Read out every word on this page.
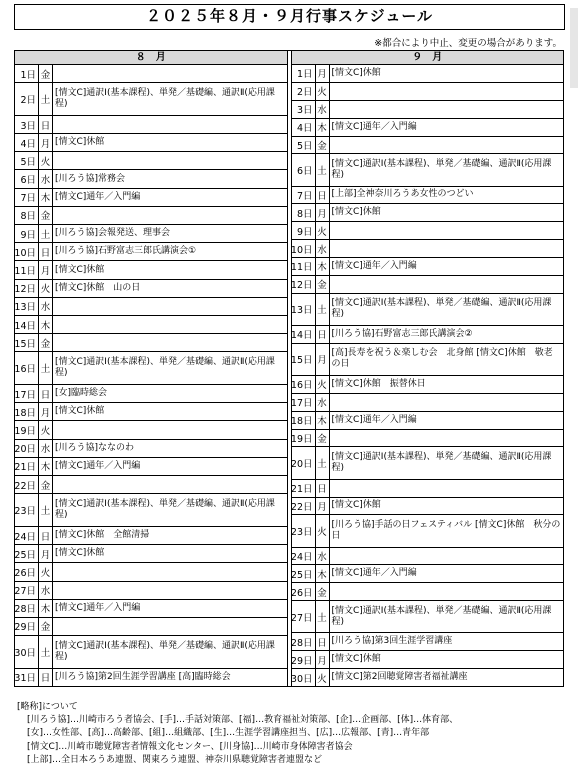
２０２５年８月・９月行事スケジュール
※都合により中止、変更の場合があります。
８　月
1日 金
2日 土
[情文C]通訳Ⅰ(基本課程)、単発／基礎編、通訳Ⅱ(応用課程)
3日 日
4日 月 [情文C]休館
5日 火
6日 水 [川ろう協]常務会
7日 木 [情文C]通年／入門編
8日 金
9日 土 [川ろう協]会報発送、理事会
10日 日 [川ろう協]石野富志三郎氏講演会①
11日 月 [情文C]休館
12日 火 [情文C]休館　山の日
13日 水
14日 木
15日 金
16日 土
[情文C]通訳Ⅰ(基本課程)、単発／基礎編、通訳Ⅱ(応用課程)
17日 日 [女]臨時総会
18日 月 [情文C]休館
19日 火
20日 水 [川ろう協]ななのわ
21日 木 [情文C]通年／入門編
22日 金
23日 土
[情文C]通訳Ⅰ(基本課程)、単発／基礎編、通訳Ⅱ(応用課程)
24日 日 [情文C]休館　全館清掃
25日 月 [情文C]休館
26日 火
27日 水
28日 木 [情文C]通年／入門編
29日 金
30日 土
[情文C]通訳Ⅰ(基本課程)、単発／基礎編、通訳Ⅱ(応用課程)
31日 日 [川ろう協]第2回生涯学習講座 [高]臨時総会
９　月
1日 月 [情文C]休館
2日 火
3日 水
4日 木 [情文C]通年／入門編
5日 金
6日 土
[情文C]通訳Ⅰ(基本課程)、単発／基礎編、通訳Ⅱ(応用課程)
7日 日 [上部]全神奈川ろうあ女性のつどい
8日 月 [情文C]休館
9日 火
10日 水
11日 木 [情文C]通年／入門編
12日 金
13日 土
[情文C]通訳Ⅰ(基本課程)、単発／基礎編、通訳Ⅱ(応用課程)
14日 日 [川ろう協]石野富志三郎氏講演会②
15日 月
[高]長寿を祝う＆楽しむ会　北身館 [情文C]休館　敬老の日
16日 火 [情文C]休館　振替休日
17日 水
18日 木 [情文C]通年／入門編
19日 金
20日 土
[情文C]通訳Ⅰ(基本課程)、単発／基礎編、通訳Ⅱ(応用課程)
21日 日
22日 月 [情文C]休館
23日 火
[川ろう協]手話の日フェスティバル [情文C]休館　秋分の日
24日 水
25日 木 [情文C]通年／入門編
26日 金
27日 土
[情文C]通訳Ⅰ(基本課程)、単発／基礎編、通訳Ⅱ(応用課程)
28日 日 [川ろう協]第3回生涯学習講座
29日 月 [情文C]休館
30日 火 [情文C]第2回聴覚障害者福祉講座
[略称]について
[川ろう協]…川崎市ろう者協会、[手]…手話対策部、[福]…教育福祉対策部、[企]…企画部、[体]…体育部、
[女]…女性部、[高]…高齢部、[組]…組織部、[生]…生涯学習講座担当、[広]…広報部、[青]…青年部
[情文C]…川崎市聴覚障害者情報文化センター、[川身協]…川崎市身体障害者協会
[上部]…全日本ろうあ連盟、関東ろう連盟、神奈川県聴覚障害者連盟など
